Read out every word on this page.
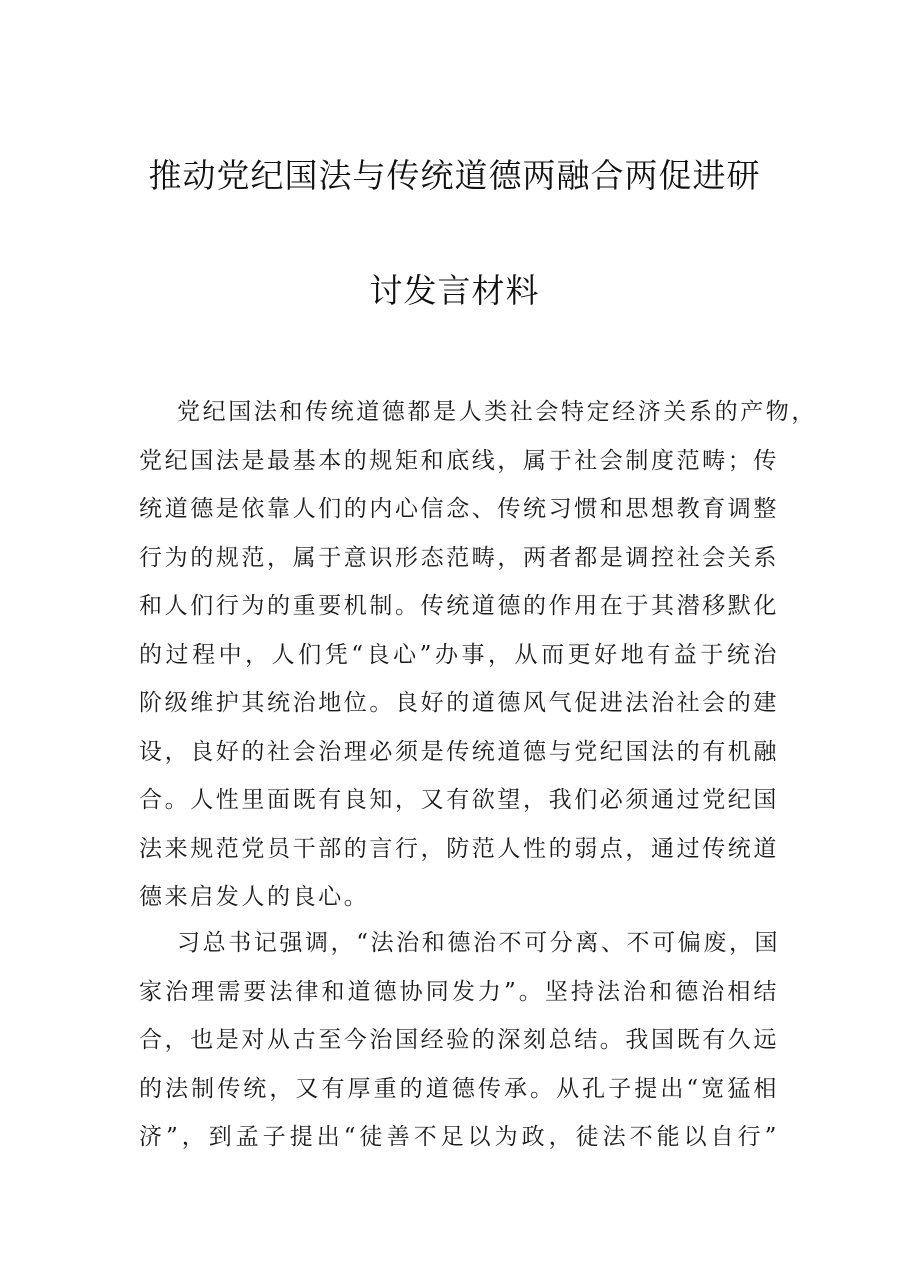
推动党纪国法与传统道德两融合两促进研
讨发言材料
党纪国法和传统道德都是人类社会特定经济关系的产物，
党纪国法是最基本的规矩和底线，属于社会制度范畴；传
统道德是依靠人们的内心信念、传统习惯和思想教育调整
行为的规范，属于意识形态范畴，两者都是调控社会关系
和人们行为的重要机制。传统道德的作用在于其潜移默化
的过程中，人们凭“良心”办事，从而更好地有益于统治
阶级维护其统治地位。良好的道德风气促进法治社会的建
设，良好的社会治理必须是传统道德与党纪国法的有机融
合。人性里面既有良知，又有欲望，我们必须通过党纪国
法来规范党员干部的言行，防范人性的弱点，通过传统道
德来启发人的良心。
习总书记强调，“法治和德治不可分离、不可偏废，国
家治理需要法律和道德协同发力”。坚持法治和德治相结
合，也是对从古至今治国经验的深刻总结。我国既有久远
的法制传统，又有厚重的道德传承。从孔子提出“宽猛相
济”，到孟子提出“徒善不足以为政，徒法不能以自行”
